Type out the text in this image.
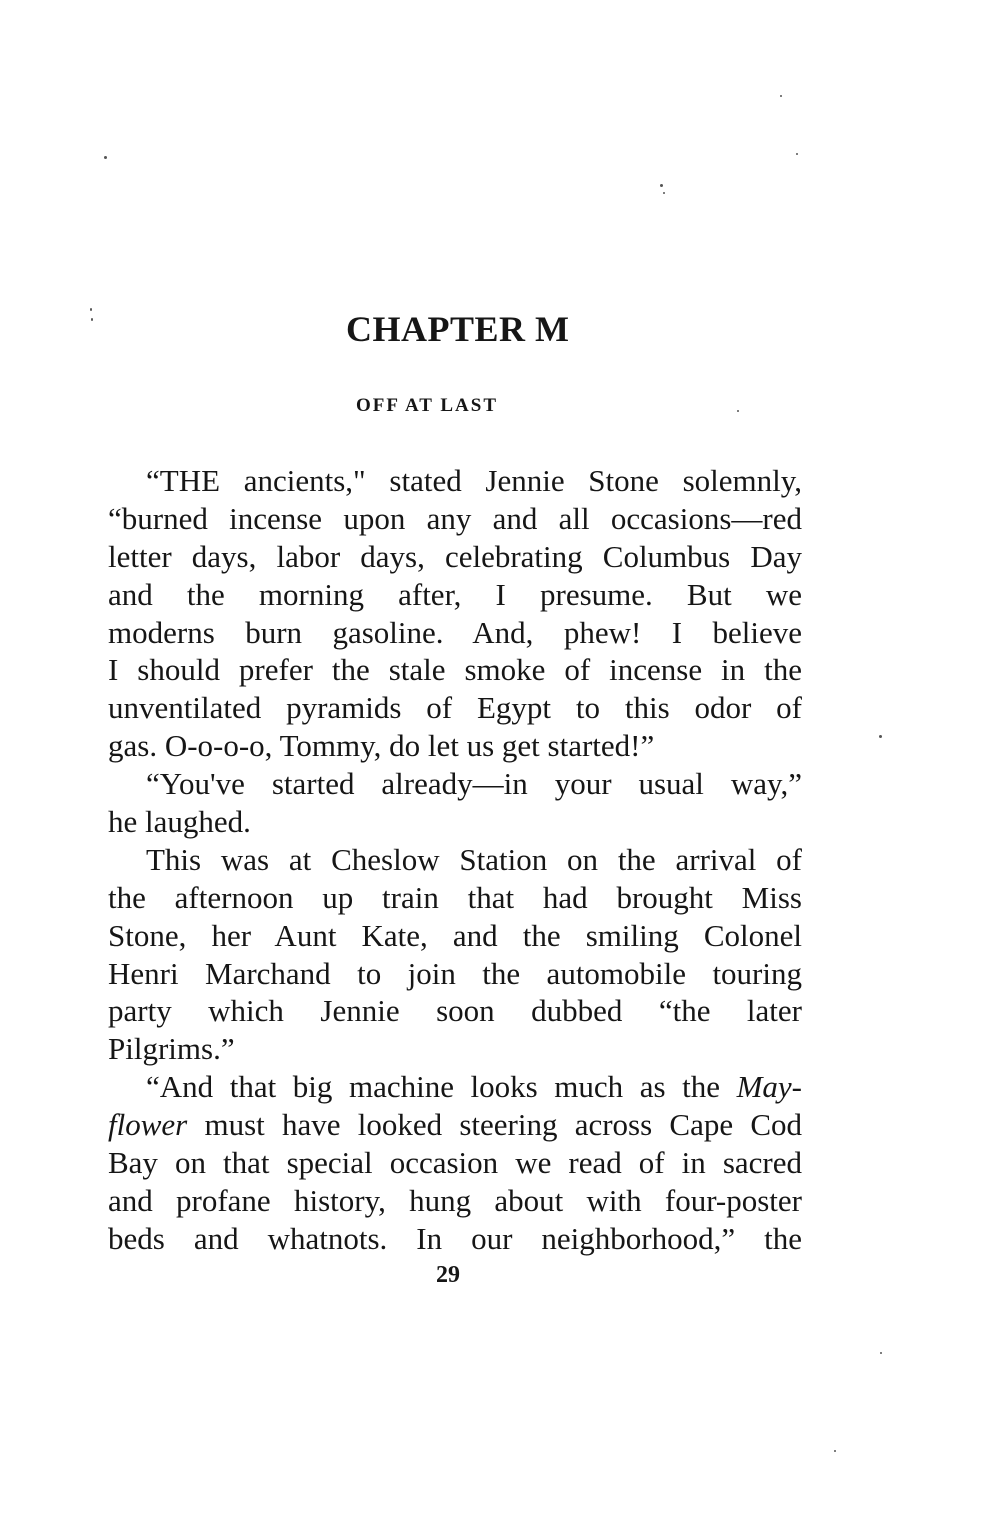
CHAPTER M
OFF AT LAST
“THE ancients," stated Jennie Stone solemnly,
“burned incense upon any and all occasions—red
letter days, labor days, celebrating Columbus Day
and the morning after, I presume. But we
moderns burn gasoline. And, phew! I believe
I should prefer the stale smoke of incense in the
unventilated pyramids of Egypt to this odor of
gas. O-o-o-o, Tommy, do let us get started!”
“You've started already—in your usual way,”
he laughed.
This was at Cheslow Station on the arrival of
the afternoon up train that had brought Miss
Stone, her Aunt Kate, and the smiling Colonel
Henri Marchand to join the automobile touring
party which Jennie soon dubbed “the later
Pilgrims.”
“And that big machine looks much as the May-
flower must have looked steering across Cape Cod
Bay on that special occasion we read of in sacred
and profane history, hung about with four-poster
beds and whatnots. In our neighborhood,” the
29
